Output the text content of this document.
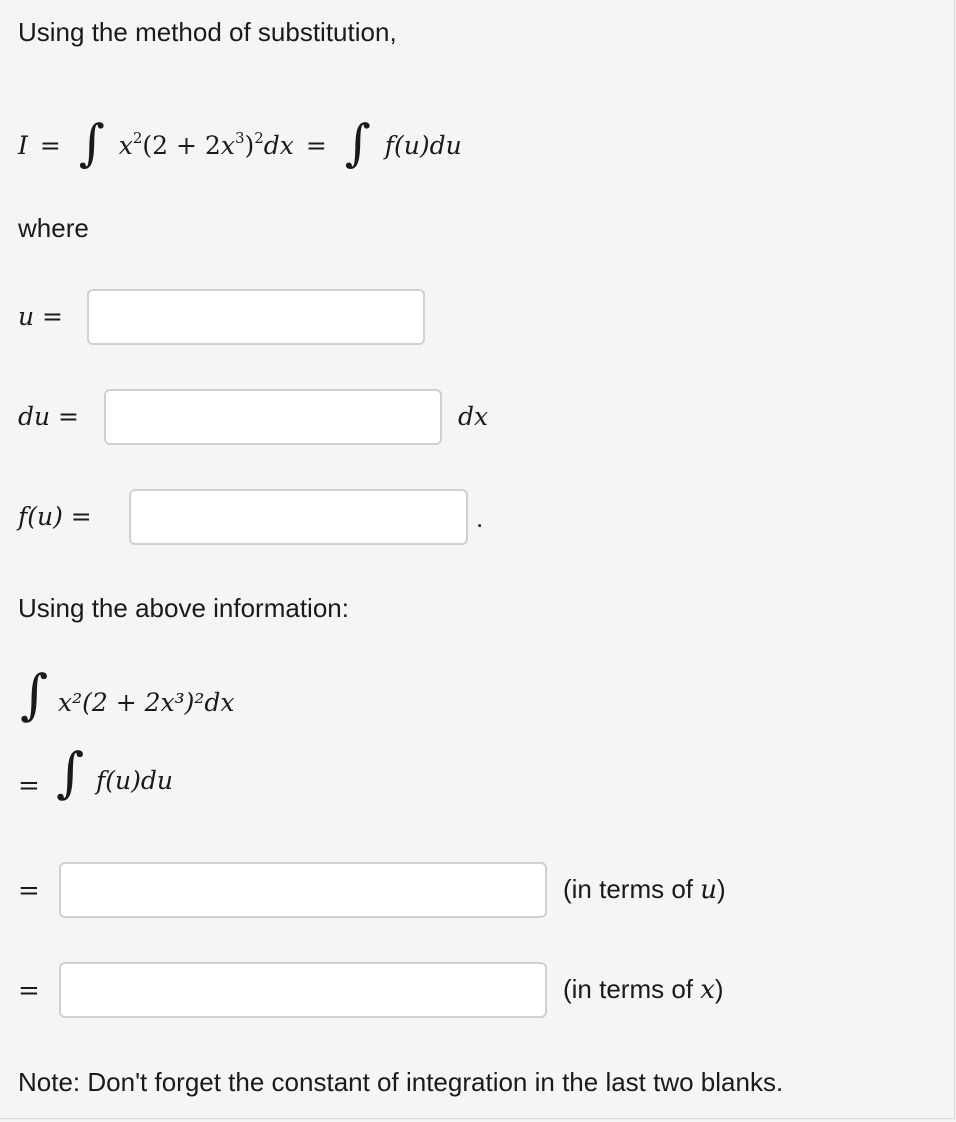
Using the method of substitution,
I = ∫ $x^2(2 + 2x^3)^2dx$ = ∫ f(u)du
where
u =
du =	dx
f(u) =	.
Using the above information:
∫ x²(2 + 2x³)²dx
= ∫ f(u)du
=	(in terms of u)
=	(in terms of x)
Note: Don't forget the constant of integration in the last two blanks.
